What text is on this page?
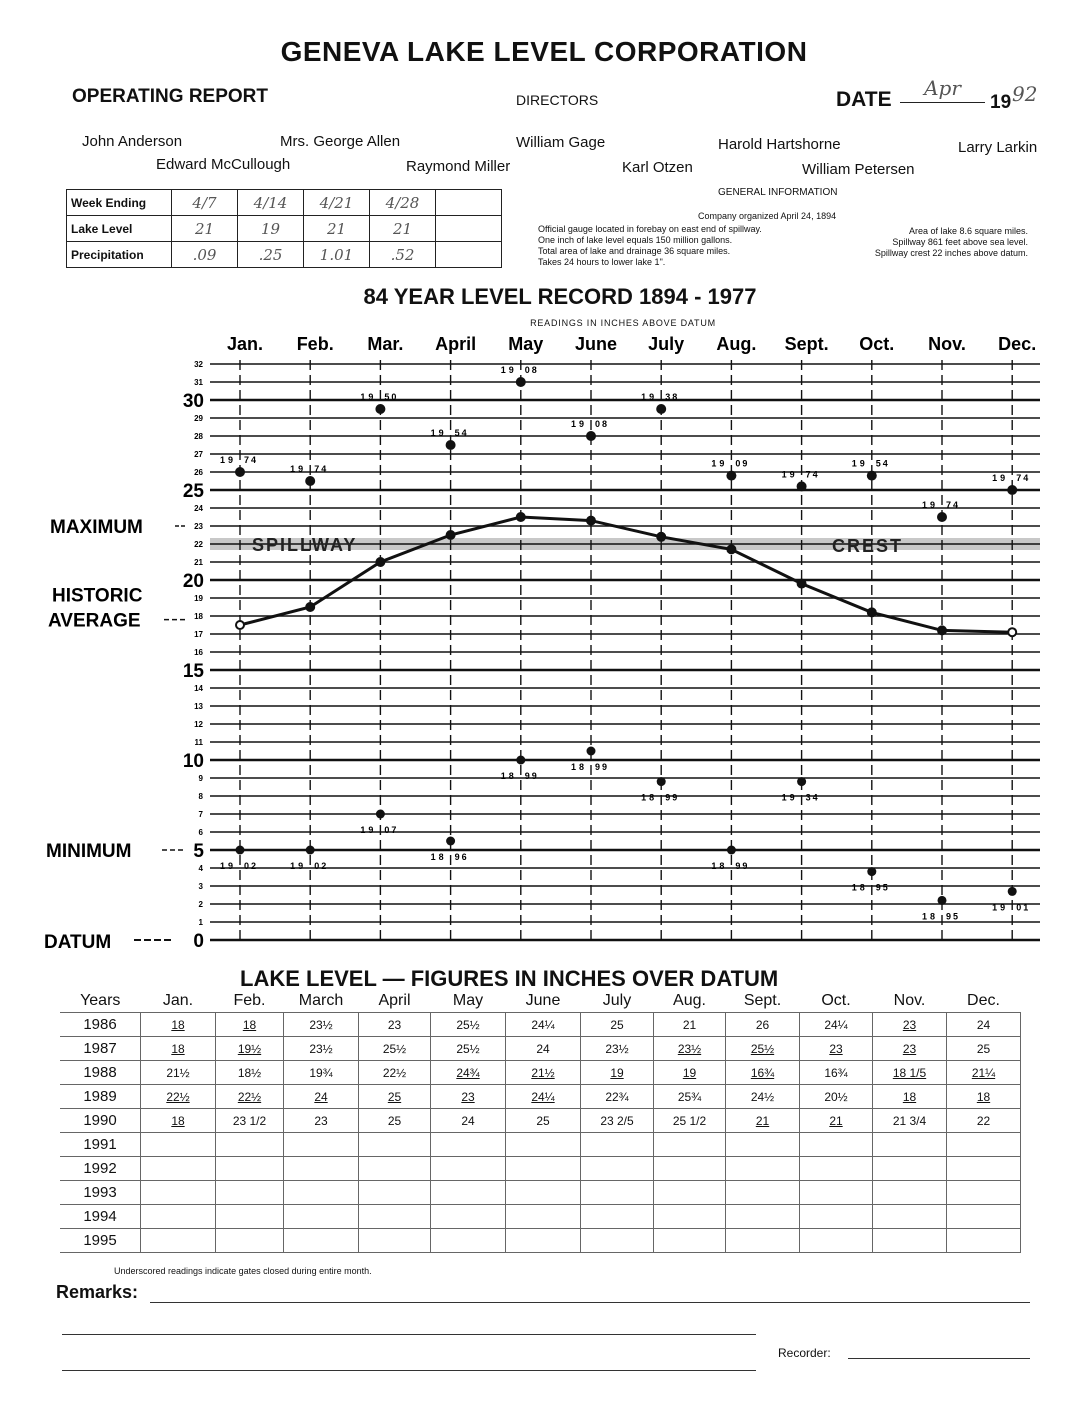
GENEVA LAKE LEVEL CORPORATION
OPERATING REPORT	DIRECTORS	DATE	Apr
19 92
John Anderson	Mrs. George Allen	William Gage	Harold Hartshorne	Larry Larkin
Edward McCullough	Raymond Miller	Karl Otzen	William Petersen
Week Ending	4/7	4/14	4/21	4/28	
Lake Level	21	19	21	21	
Precipitation	.09	.25	1.01	.52	
GENERAL INFORMATION
Company organized April 24, 1894
Official gauge located in forebay on east end of spillway.
One inch of lake level equals 150 million gallons.
Total area of lake and drainage 36 square miles.
Takes 24 hours to lower lake 1".
Area of lake 8.6 square miles.
Spillway 861 feet above sea level.
Spillway crest 22 inches above datum.
84 YEAR LEVEL RECORD 1894 - 1977
READINGS IN INCHES ABOVE DATUM
Jan. Feb. Mar. April May June July Aug. Sept. Oct. Nov. Dec.
0
5
10
15
20
25
30
1
2
3
4
6
7
8
9
11
12
13
14
16
17
18
19
21
22
23
24
26
27
28
29
31
32
MAXIMUM
HISTORIC
AVERAGE
MINIMUM
DATUM
SPILLWAY	CREST
19 74
19 74
19 50
19 54
19 08
19 08
19 38
19 09
19 74
19 54
19 74
19 74
19 02	19 02
19 07
18 96
18 99
18 99
18 99
18 99
19 34
18 95
18 95
19 01
LAKE LEVEL — FIGURES IN INCHES OVER DATUM
Years	Jan.	Feb.	March	April	May	June	July	Aug.	Sept.	Oct.	Nov.	Dec.
1986	18	18	23½	23	25½	24¼	25	21	26	24¼	23	24
1987	18	19½	23½	25½	25½	24	23½	23½	25½	23	23	25
1988	21½	18½	19¾	22½	24¾	21½	19	19	16¾	16¾	18 1/5	21¼
1989	22½	22½	24	25	23	24¼	22¾	25¾	24½	20½	18	18
1990	18	23 1/2	23	25	24	25	23 2/5	25 1/2	21	21	21 3/4	22
1991												
1992												
1993												
1994												
1995												
Underscored readings indicate gates closed during entire month.
Remarks:
Recorder:
